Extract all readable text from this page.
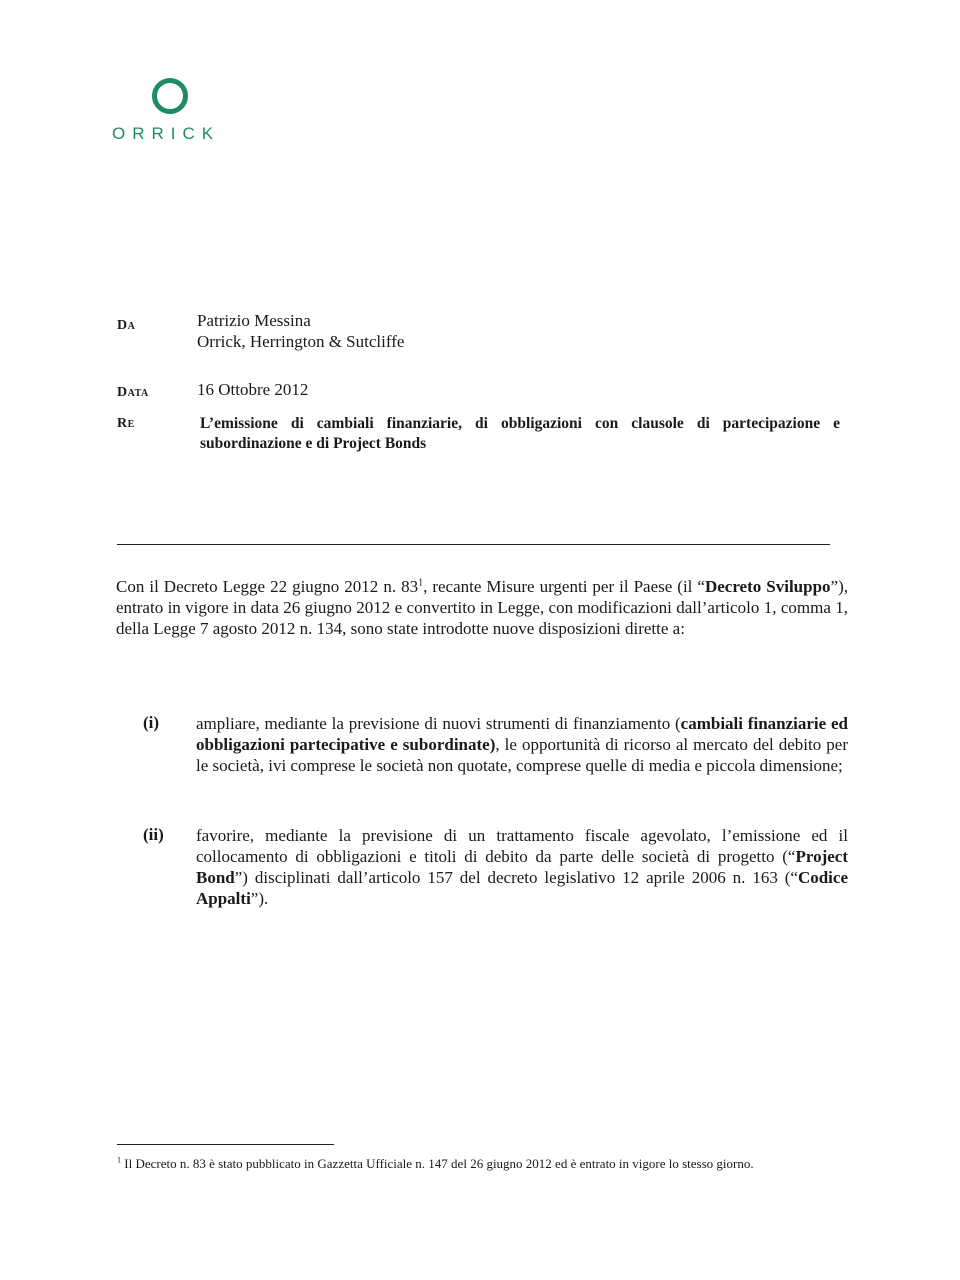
ORRICK
Da	Patrizio Messina
Orrick, Herrington & Sutcliffe
Data	16 Ottobre 2012
Re	L’emissione di cambiali finanziarie, di obbligazioni con clausole di partecipazione e subordinazione e di Project Bonds
Con il Decreto Legge 22 giugno 2012 n. $83^1$, recante Misure urgenti per il Paese (il “Decreto Sviluppo”), entrato in vigore in data 26 giugno 2012 e convertito in Legge, con modificazioni dall’articolo 1, comma 1, della Legge 7 agosto 2012 n. 134, sono state introdotte nuove disposizioni dirette a:
(i) ampliare, mediante la previsione di nuovi strumenti di finanziamento (cambiali finanziarie ed obbligazioni partecipative e subordinate), le opportunità di ricorso al mercato del debito per le società, ivi comprese le società non quotate, comprese quelle di media e piccola dimensione;
(ii) favorire, mediante la previsione di un trattamento fiscale agevolato, l’emissione ed il collocamento di obbligazioni e titoli di debito da parte delle società di progetto (“Project Bond”) disciplinati dall’articolo 157 del decreto legislativo 12 aprile 2006 n. 163 (“Codice Appalti”).
$^1$ Il Decreto n. 83 è stato pubblicato in Gazzetta Ufficiale n. 147 del 26 giugno 2012 ed è entrato in vigore lo stesso giorno.
